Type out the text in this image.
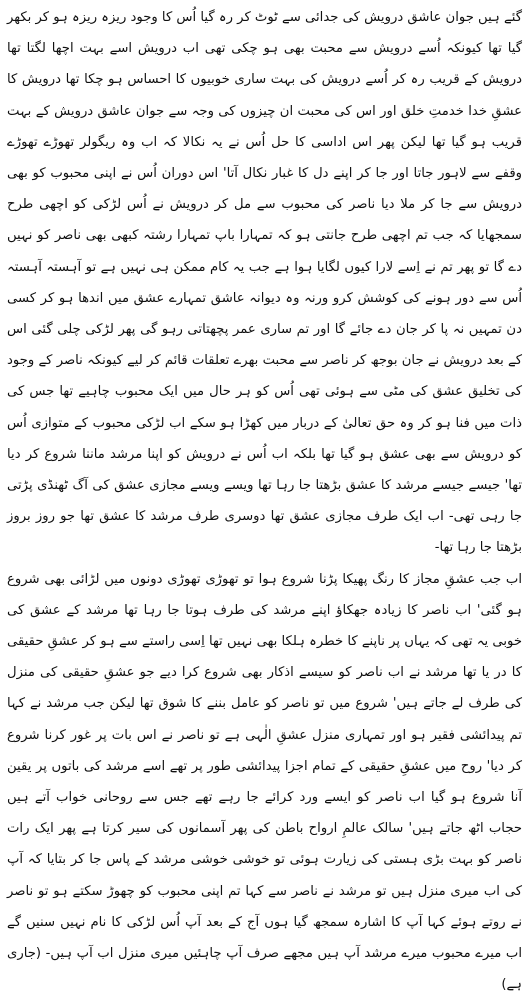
گئے ہیں جوان عاشق درویش کی جدائی سے ٹوٹ کر رہ گیا اُس کا وجود ریزہ ریزہ ہو کر بکھر گیا تھا کیونکہ اُسے درویش سے محبت بھی ہو چکی تھی اب درویش اسے بہت اچھا لگتا تھا درویش کے قریب رہ کر اُسے درویش کی بہت ساری خوبیوں کا احساس ہو چکا تھا درویش کا عشقِ خدا خدمتِ خلق اور اس کی محبت ان چیزوں کی وجہ سے جوان عاشق درویش کے بہت قریب ہو گیا تھا لیکن پھر اس اداسی کا حل اُس نے یہ نکالا کہ اب وہ ریگولر تھوڑے تھوڑے وقفے سے لاہور جاتا اور جا کر اپنے دل کا غبار نکال آتا' اس دوران اُس نے اپنی محبوب کو بھی درویش سے جا کر ملا دیا ناصر کی محبوب سے مل کر درویش نے اُس لڑکی کو اچھی طرح سمجھایا کہ جب تم اچھی طرح جانتی ہو کہ تمہارا باپ تمہارا رشتہ کبھی بھی ناصر کو نہیں دے گا تو پھر تم نے اِسے لارا کیوں لگایا ہوا ہے جب یہ کام ممکن ہی نہیں ہے تو آہستہ آہستہ اُس سے دور ہونے کی کوشش کرو ورنہ وہ دیوانہ عاشق تمہارے عشق میں اندھا ہو کر کسی دن تمہیں نہ پا کر جان دے جائے گا اور تم ساری عمر پچھتاتی رہو گی پھر لڑکی چلی گئی اس کے بعد درویش نے جان بوجھ کر ناصر سے محبت بھرے تعلقات قائم کر لیے کیونکہ ناصر کے وجود کی تخلیق عشق کی مٹی سے ہوئی تھی اُس کو ہر حال میں ایک محبوب چاہیے تھا جس کی ذات میں فنا ہو کر وہ حق تعالیٰ کے دربار میں کھڑا ہو سکے اب لڑکی محبوب کے متوازی اُس کو درویش سے بھی عشق ہو گیا تھا بلکہ اب اُس نے درویش کو اپنا مرشد ماننا شروع کر دیا تھا' جیسے جیسے مرشد کا عشق بڑھتا جا رہا تھا ویسے ویسے مجازی عشق کی آگ ٹھنڈی پڑتی جا رہی تھی- اب ایک طرف مجازی عشق تھا دوسری طرف مرشد کا عشق تھا جو روز بروز بڑھتا جا رہا تھا-

اب جب عشقِ مجاز کا رنگ پھیکا پڑنا شروع ہوا تو تھوڑی تھوڑی دونوں میں لڑائی بھی شروع ہو گئی' اب ناصر کا زیادہ جھکاؤ اپنے مرشد کی طرف ہوتا جا رہا تھا مرشد کے عشق کی خوبی یہ تھی کہ یہاں پر ناپنے کا خطرہ ہلکا بھی نہیں تھا اِسی راستے سے ہو کر عشقِ حقیقی کا در یا تھا مرشد نے اب ناصر کو سیسے اذکار بھی شروع کرا دیے جو عشقِ حقیقی کی منزل کی طرف لے جاتے ہیں' شروع میں تو ناصر کو عامل بننے کا شوق تھا لیکن جب مرشد نے کہا تم پیدائشی فقیر ہو اور تمہاری منزل عشقِ الٰہی ہے تو ناصر نے اس بات پر غور کرنا شروع کر دیا' روح میں عشقِ حقیقی کے تمام اجزا پیدائشی طور پر تھے اسے مرشد کی باتوں پر یقین آنا شروع ہو گیا اب ناصر کو ایسے ورد کرائے جا رہے تھے جس سے روحانی خواب آتے ہیں حجاب اٹھ جاتے ہیں' سالک عالمِ ارواح باطن کی پھر آسمانوں کی سیر کرتا ہے پھر ایک رات ناصر کو بہت بڑی ہستی کی زیارت ہوئی تو خوشی خوشی مرشد کے پاس جا کر بتایا کہ آپ کی اب میری منزل ہیں تو مرشد نے ناصر سے کہا تم اپنی محبوب کو چھوڑ سکتے ہو تو ناصر نے روتے ہوئے کہا آپ کا اشارہ سمجھ گیا ہوں آج کے بعد آپ اُس لڑکی کا نام نہیں سنیں گے اب میرے محبوب میرے مرشد آپ ہیں مجھے صرف آپ چاہئیں میری منزل اب آپ ہیں- (جاری ہے)
